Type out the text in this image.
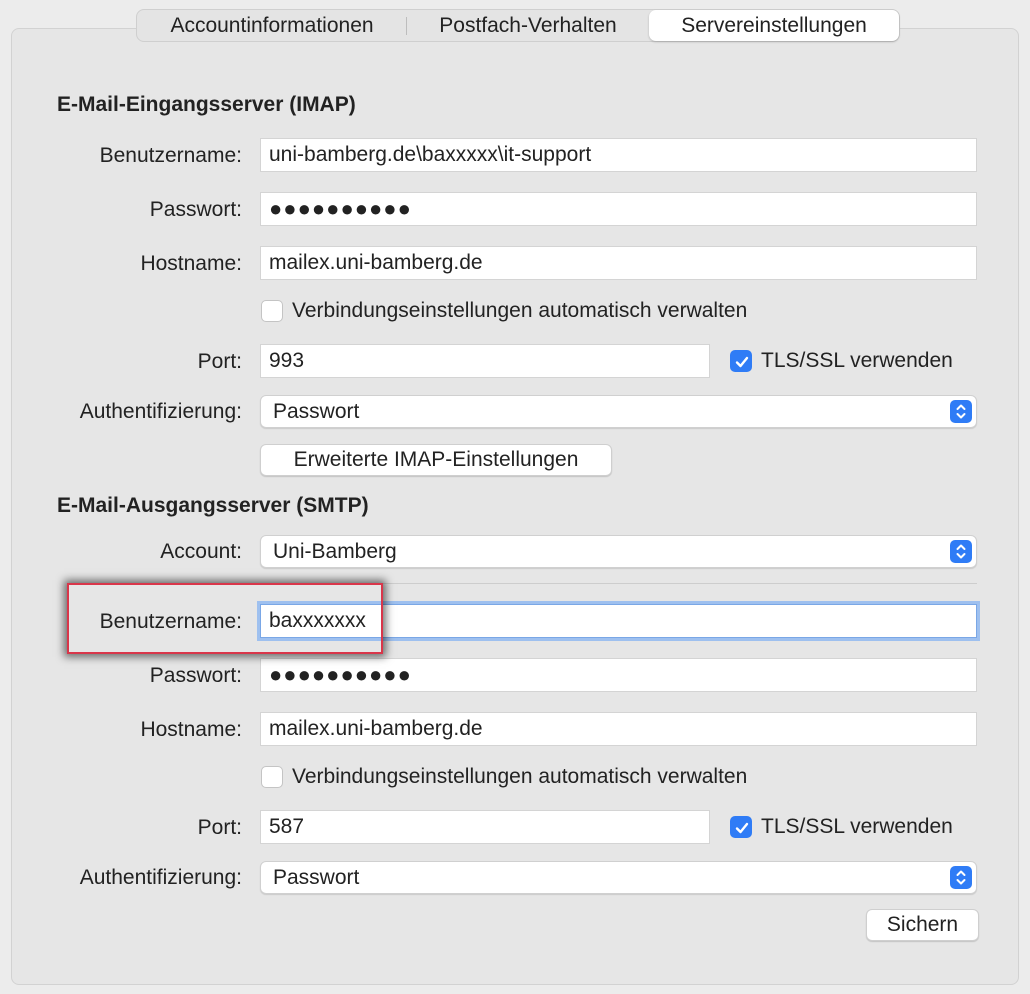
Accountinformationen	Postfach-Verhalten	Servereinstellungen
E-Mail-Eingangsserver (IMAP)
Benutzername:	uni-bamberg.de\baxxxxx\it-support
Passwort:	●●●●●●●●●●
Hostname:	mailex.uni-bamberg.de
Verbindungseinstellungen automatisch verwalten
Port:	993	TLS/SSL verwenden
Authentifizierung:	Passwort
Erweiterte IMAP-Einstellungen
E-Mail-Ausgangsserver (SMTP)
Account:	Uni-Bamberg
Benutzername:	baxxxxxxx
Passwort:	●●●●●●●●●●
Hostname:	mailex.uni-bamberg.de
Verbindungseinstellungen automatisch verwalten
Port:	587	TLS/SSL verwenden
Authentifizierung:	Passwort
Sichern
